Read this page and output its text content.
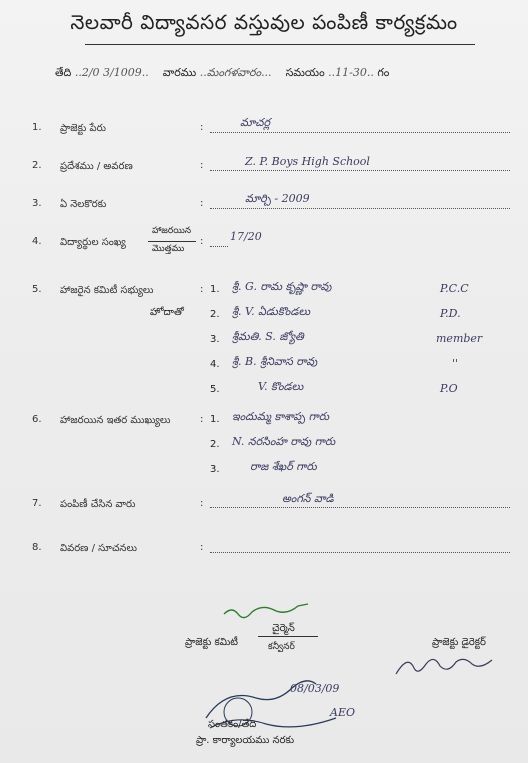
నెలవారీ విద్యావసర వస్తువుల పంపిణీ కార్యక్రమం
తేది ..2/0 3/1009.. వారము ..మంగళవారం... సమయం ..11-30.. గం
1. ప్రాజెక్టు పేరు	:	మాచర్ల
2. ప్రదేశము / అవరణ	:	Z. P. Boys High School
3. ఏ నెలకొరకు	:	మార్చి - 2009
4. విద్యార్థుల సంఖ్య
హాజరయిన
మొత్తము
: 17/20
5. హాజరైన కమిటీ సభ్యులు
హోదాతో
: 1. శ్రీ. G. రామ కృష్ణా రావు	P.C.C
2. శ్రీ. V. ఏడుకొండలు	P.D.
3. శ్రీమతి. S. జ్యోతి	member
4. శ్రీ. B. శ్రీనివాస రావు	''
5.	V. కొండలు	P.O
6. హాజరయిన ఇతర ముఖ్యులు	: 1. ఇందుమ్మ కాశాప్ప గారు
2. N. నరసింహ రావు గారు
3.	రాజ శేఖర్ గారు
7. పంపిణీ చేసిన వారు	:	అంగన్ వాడి
8. వివరణ / సూచనలు	:
చైర్మెన్
ప్రాజెక్టు కమిటీ	కన్వీనర్	ప్రాజెక్టు డైరెక్టర్
08/03/09
AEO
సంతకం/తేది
ప్రా. కార్యాలయము నరకు
